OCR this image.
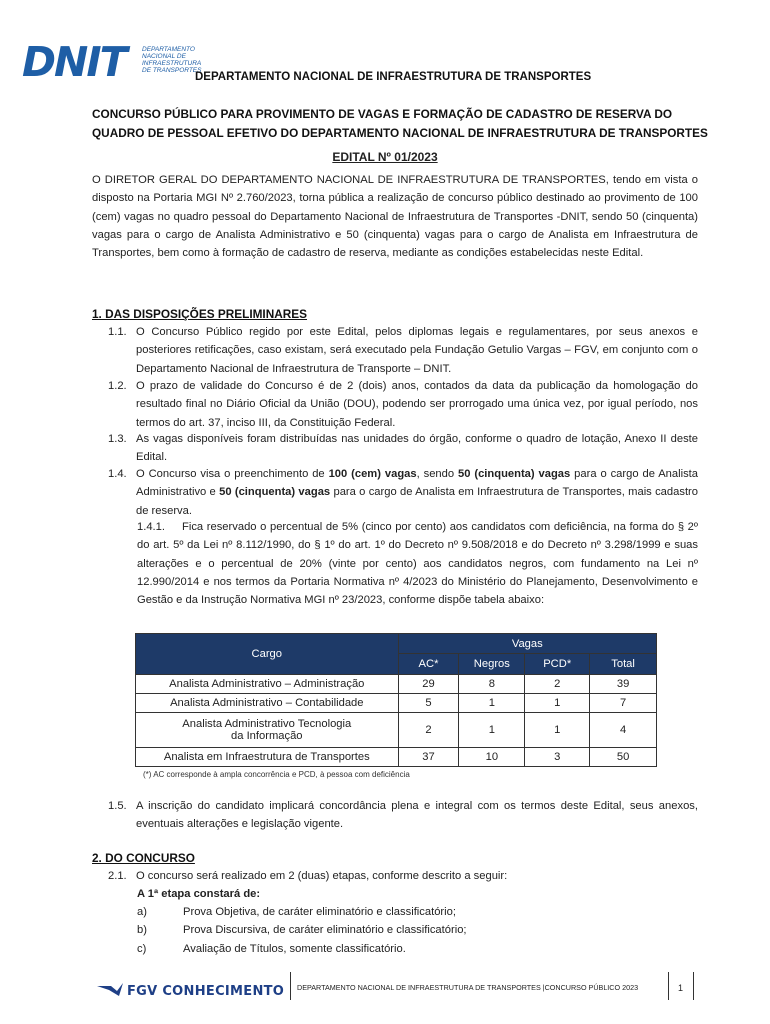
DNIT	DEPARTAMENTO
NACIONAL DE
INFRAESTRUTURA
DE TRANSPORTES
DEPARTAMENTO NACIONAL DE INFRAESTRUTURA DE TRANSPORTES
CONCURSO PÚBLICO PARA PROVIMENTO DE VAGAS E FORMAÇÃO DE CADASTRO DE RESERVA DO QUADRO DE PESSOAL EFETIVO DO DEPARTAMENTO NACIONAL DE INFRAESTRUTURA DE TRANSPORTES
EDITAL Nº 01/2023
O DIRETOR GERAL DO DEPARTAMENTO NACIONAL DE INFRAESTRUTURA DE TRANSPORTES, tendo em vista o disposto na Portaria MGI Nº 2.760/2023, torna pública a realização de concurso público destinado ao provimento de 100 (cem) vagas no quadro pessoal do Departamento Nacional de Infraestrutura de Transportes -DNIT, sendo 50 (cinquenta) vagas para o cargo de Analista Administrativo e 50 (cinquenta) vagas para o cargo de Analista em Infraestrutura de Transportes, bem como à formação de cadastro de reserva, mediante as condições estabelecidas neste Edital.
1. DAS DISPOSIÇÕES PRELIMINARES
1.1. O Concurso Público regido por este Edital, pelos diplomas legais e regulamentares, por seus anexos e posteriores retificações, caso existam, será executado pela Fundação Getulio Vargas – FGV, em conjunto com o Departamento Nacional de Infraestrutura de Transporte – DNIT.
1.2. O prazo de validade do Concurso é de 2 (dois) anos, contados da data da publicação da homologação do resultado final no Diário Oficial da União (DOU), podendo ser prorrogado uma única vez, por igual período, nos termos do art. 37, inciso III, da Constituição Federal.
1.3. As vagas disponíveis foram distribuídas nas unidades do órgão, conforme o quadro de lotação, Anexo II deste Edital.
1.4. O Concurso visa o preenchimento de 100 (cem) vagas, sendo 50 (cinquenta) vagas para o cargo de Analista Administrativo e 50 (cinquenta) vagas para o cargo de Analista em Infraestrutura de Transportes, mais cadastro de reserva.
1.4.1. Fica reservado o percentual de 5% (cinco por cento) aos candidatos com deficiência, na forma do § 2º do art. 5º da Lei nº 8.112/1990, do § 1º do art. 1º do Decreto nº 9.508/2018 e do Decreto nº 3.298/1999 e suas alterações e o percentual de 20% (vinte por cento) aos candidatos negros, com fundamento na Lei nº 12.990/2014 e nos termos da Portaria Normativa nº 4/2023 do Ministério do Planejamento, Desenvolvimento e Gestão e da Instrução Normativa MGI nº 23/2023, conforme dispõe tabela abaixo:
Cargo	Vagas			
	AC*	Negros	PCD*	Total
Analista Administrativo – Administração	29	8	2	39
Analista Administrativo – Contabilidade	5	1	1	7
Analista Administrativo Tecnologia da Informação	2	1	1	4
Analista em Infraestrutura de Transportes	37	10	3	50
(*) AC corresponde à ampla concorrência e PCD, à pessoa com deficiência
1.5. A inscrição do candidato implicará concordância plena e integral com os termos deste Edital, seus anexos, eventuais alterações e legislação vigente.
2. DO CONCURSO
2.1. O concurso será realizado em 2 (duas) etapas, conforme descrito a seguir:
A 1ª etapa constará de:
a)	Prova Objetiva, de caráter eliminatório e classificatório;
b)	Prova Discursiva, de caráter eliminatório e classificatório;
c)	Avaliação de Títulos, somente classificatório.
FGV CONHECIMENTO DEPARTAMENTO NACIONAL DE INFRAESTRUTURA DE TRANSPORTES |CONCURSO PÚBLICO 2023	1
